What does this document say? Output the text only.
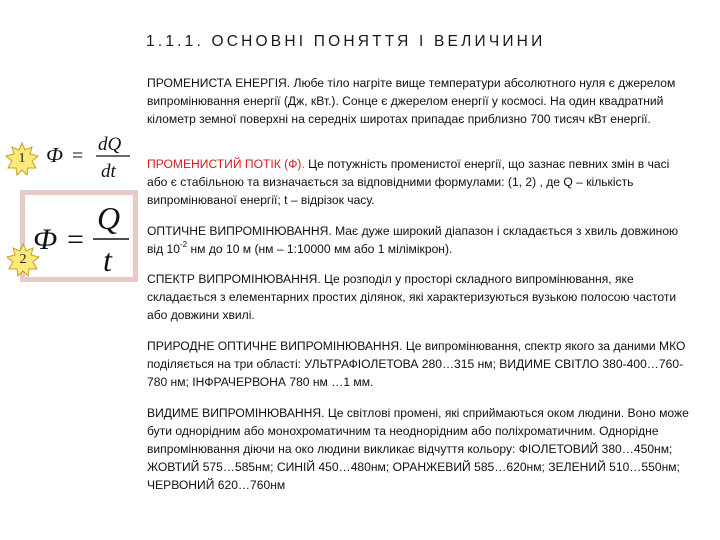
1.1.1. ОСНОВНІ ПОНЯТТЯ І ВЕЛИЧИНИ
1 Ф =
dQ
dt
Ф =
Q
t
2

ПРОМЕНИСТА ЕНЕРГІЯ. Любе тіло нагріте вище температури абсолютного нуля є джерелом випромінювання енергії (Дж, кВт.). Сонце є джерелом енергії у космосі. На один квадратний кілометр земної поверхні на середніх широтах припадає приблизно 700 тисяч кВт енергії.

ПРОМЕНИСТИЙ ПОТІК (Ф). Це потужність променистої енергії, що зазнає певних змін в часі або є стабільною та визначається за відповідними формулами: (1, 2) , де Q – кількість випромінюваної енергії; t – відрізок часу.

ОПТИЧНЕ ВИПРОМІНЮВАННЯ. Має дуже широкий діапазон і складається з хвиль довжиною від $10^{-2}$ нм до 10 м (нм – 1:10000 мм або 1 мілімікрон).

СПЕКТР ВИПРОМІНЮВАННЯ. Це розподіл у просторі складного випромінювання, яке складається з елементарних простих ділянок, які характеризуються вузькою полосою частоти або довжини хвилі.

ПРИРОДНЕ ОПТИЧНЕ ВИПРОМІНЮВАННЯ. Це випромінювання, спектр якого за даними МКО поділяється на три області: УЛЬТРАФІОЛЕТОВА 280…315 нм; ВИДИМЕ СВІТЛО 380-400…760-780 нм; ІНФРАЧЕРВОНА 780 нм …1 мм.

ВИДИМЕ ВИПРОМІНЮВАННЯ. Це світлові промені, які сприймаються оком людини. Воно може бути однорідним або монохроматичним та неоднорідним або поліхроматичним. Однорідне випромінювання діючи на око людини викликає відчуття кольору: ФІОЛЕТОВИЙ 380…450нм; ЖОВТИЙ 575…585нм; СИНІЙ 450…480нм; ОРАНЖЕВИЙ 585…620нм; ЗЕЛЕНИЙ 510…550нм; ЧЕРВОНИЙ 620…760нм
